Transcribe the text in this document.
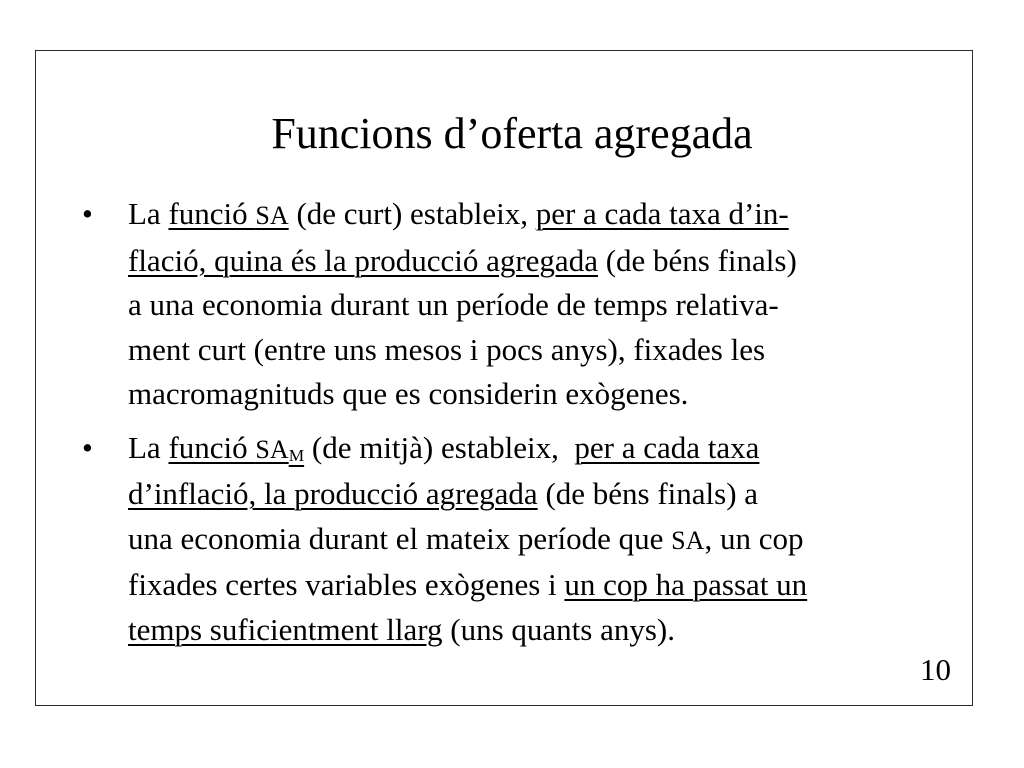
Funcions d’oferta agregada
• La funció SA (de curt) estableix, per a cada taxa d’in-
flació, quina és la producció agregada (de béns finals)
a una economia durant un període de temps relativa-
ment curt (entre uns mesos i pocs anys), fixades les
macromagnituds que es considerin exògenes.
• La funció $SA_M$ (de mitjà) estableix,  per a cada taxa
d’inflació, la producció agregada (de béns finals) a
una economia durant el mateix període que SA, un cop
fixades certes variables exògenes i un cop ha passat un
temps suficientment llarg (uns quants anys).
10
